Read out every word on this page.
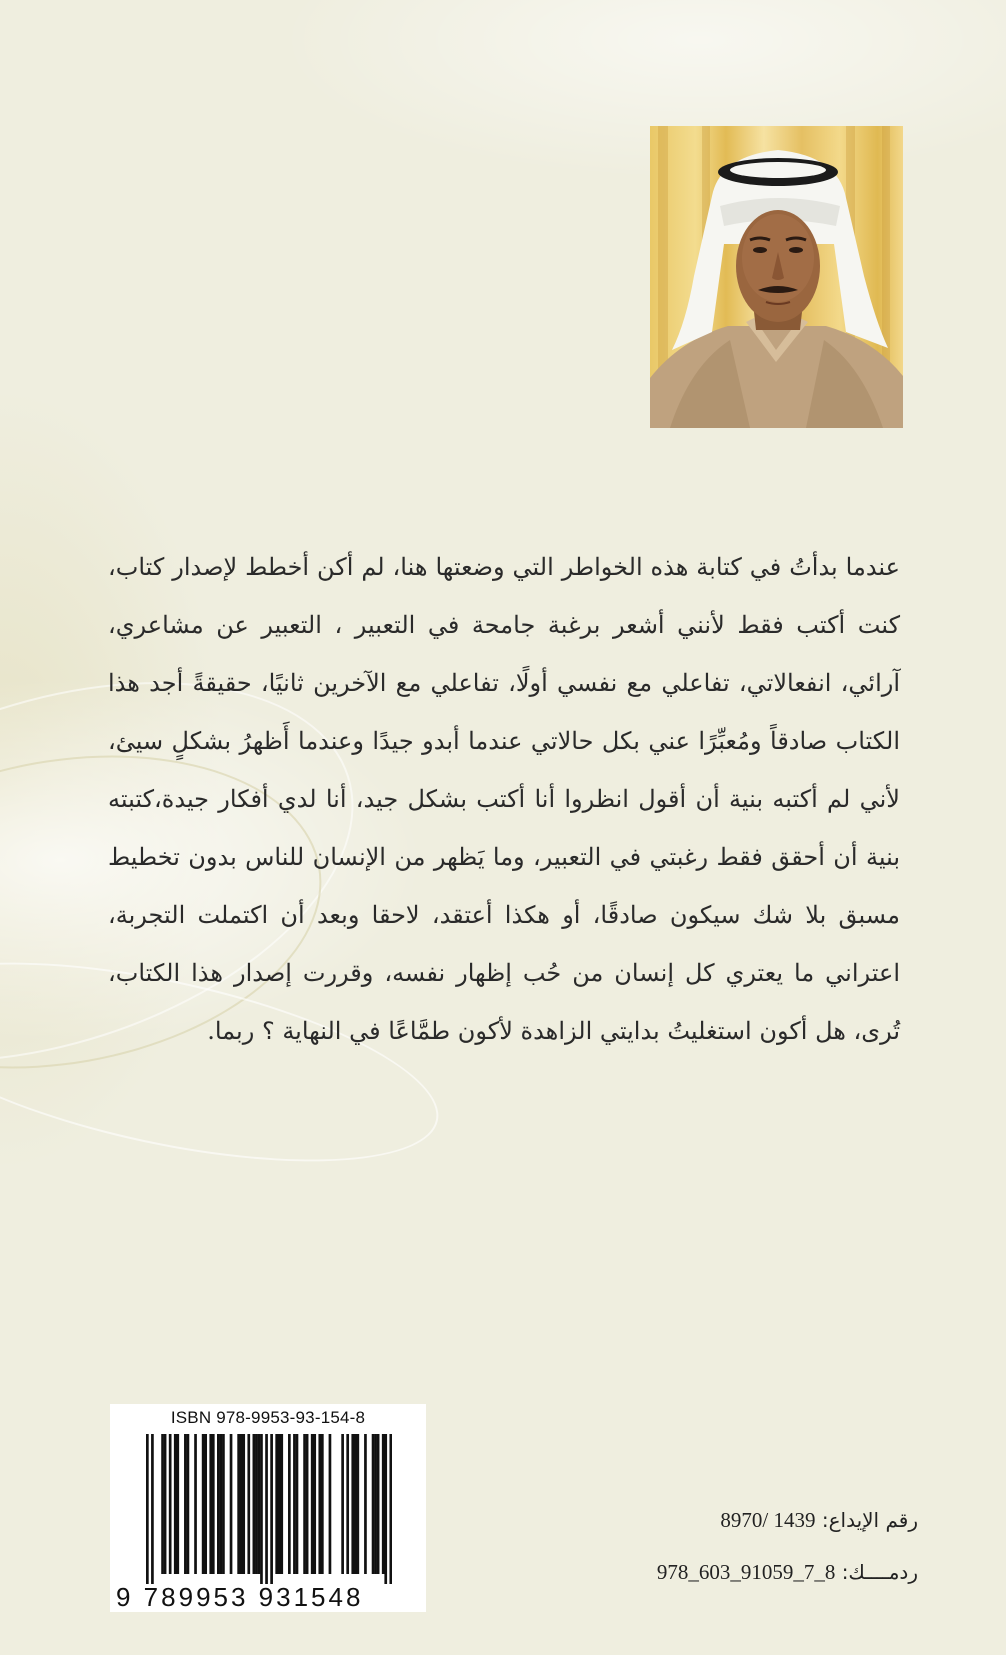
عندما بدأتُ في كتابة هذه الخواطر التي وضعتها هنا، لم أكن أخطط لإصدار كتاب، كنت أكتب فقط لأنني أشعر برغبة جامحة في التعبير ، التعبير عن مشاعري، آرائي، انفعالاتي، تفاعلي مع نفسي أولًا، تفاعلي مع الآخرين ثانيًا، حقيقةً أجد هذا الكتاب صادقاً ومُعبِّرًا عني بكل حالاتي عندما أبدو جيدًا وعندما أَظهرُ بشكلٍ سيئ، لأني لم أكتبه بنية أن أقول انظروا أنا أكتب بشكل جيد، أنا لدي أفكار جيدة،كتبته بنية أن أحقق فقط رغبتي في التعبير، وما يَظهر من الإنسان للناس بدون تخطيط مسبق بلا شك سيكون صادقًا، أو هكذا أعتقد، لاحقا وبعد أن اكتملت التجربة، اعتراني ما يعتري كل إنسان من حُب إظهار نفسه، وقررت إصدار هذا الكتاب، تُرى، هل أكون استغليتُ بدايتي الزاهدة لأكون طمَّاعًا في النهاية ؟ ربما.

ISBN 978-9953-93-154-8
9 789953 931548
رقم الإيداع: 8970/ 1439
ردمــــك: 978_603_91059_7_8
